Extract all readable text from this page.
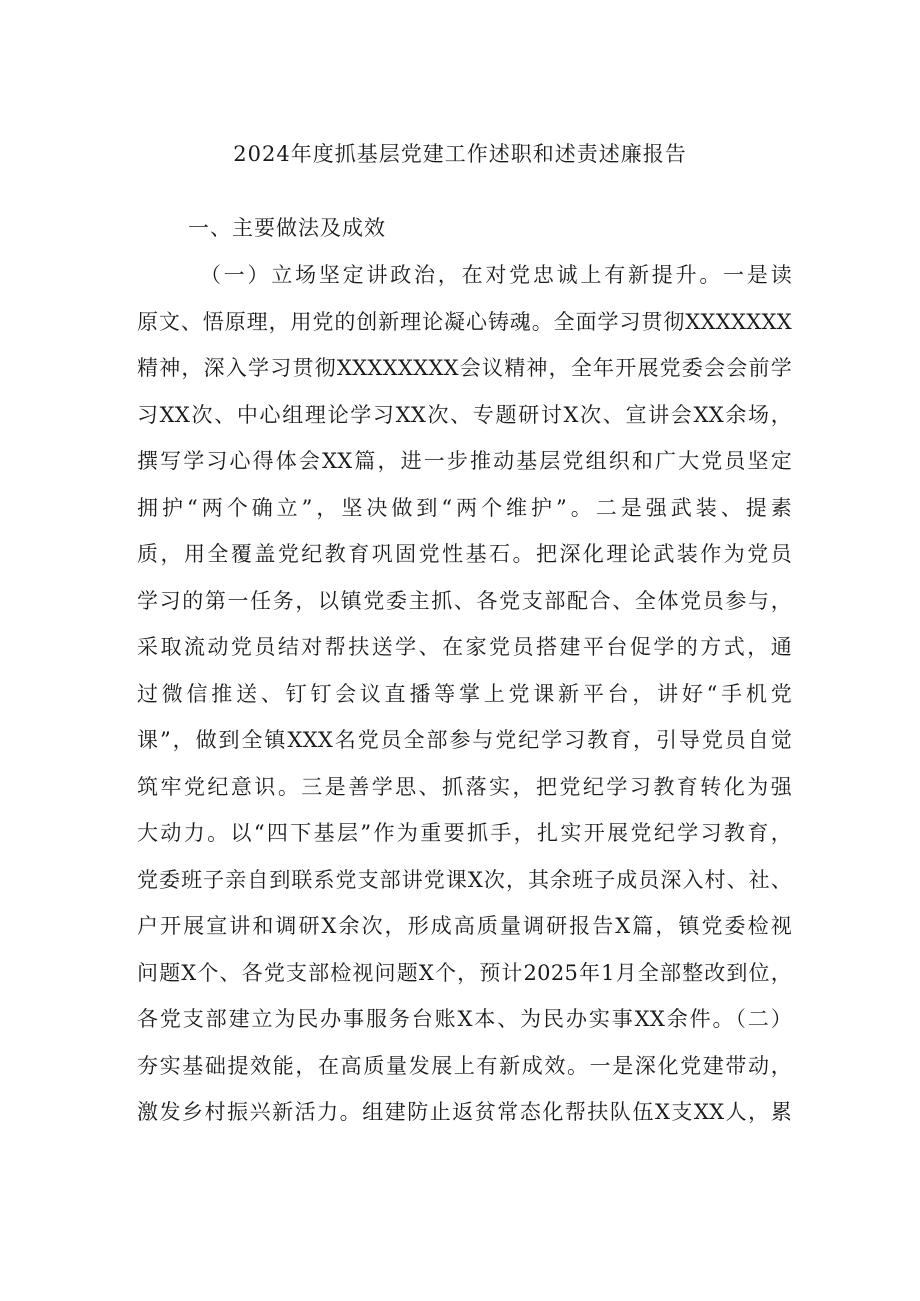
2024年度抓基层党建工作述职和述责述廉报告
一、主要做法及成效
（一）立场坚定讲政治，在对党忠诚上有新提升。一是读
原文、悟原理，用党的创新理论凝心铸魂。全面学习贯彻XXXXXXX
精神，深入学习贯彻XXXXXXXX会议精神，全年开展党委会会前学
习XX次、中心组理论学习XX次、专题研讨X次、宣讲会XX余场，
撰写学习心得体会XX篇，进一步推动基层党组织和广大党员坚定
拥护“两个确立”，坚决做到“两个维护”。二是强武装、提素
质，用全覆盖党纪教育巩固党性基石。把深化理论武装作为党员
学习的第一任务，以镇党委主抓、各党支部配合、全体党员参与，
采取流动党员结对帮扶送学、在家党员搭建平台促学的方式，通
过微信推送、钉钉会议直播等掌上党课新平台，讲好“手机党
课”，做到全镇XXX名党员全部参与党纪学习教育，引导党员自觉
筑牢党纪意识。三是善学思、抓落实，把党纪学习教育转化为强
大动力。以“四下基层”作为重要抓手，扎实开展党纪学习教育，
党委班子亲自到联系党支部讲党课X次，其余班子成员深入村、社、
户开展宣讲和调研X余次，形成高质量调研报告X篇，镇党委检视
问题X个、各党支部检视问题X个，预计2025年1月全部整改到位，
各党支部建立为民办事服务台账X本、为民办实事XX余件。（二）
夯实基础提效能，在高质量发展上有新成效。一是深化党建带动，
激发乡村振兴新活力。组建防止返贫常态化帮扶队伍X支XX人，累
